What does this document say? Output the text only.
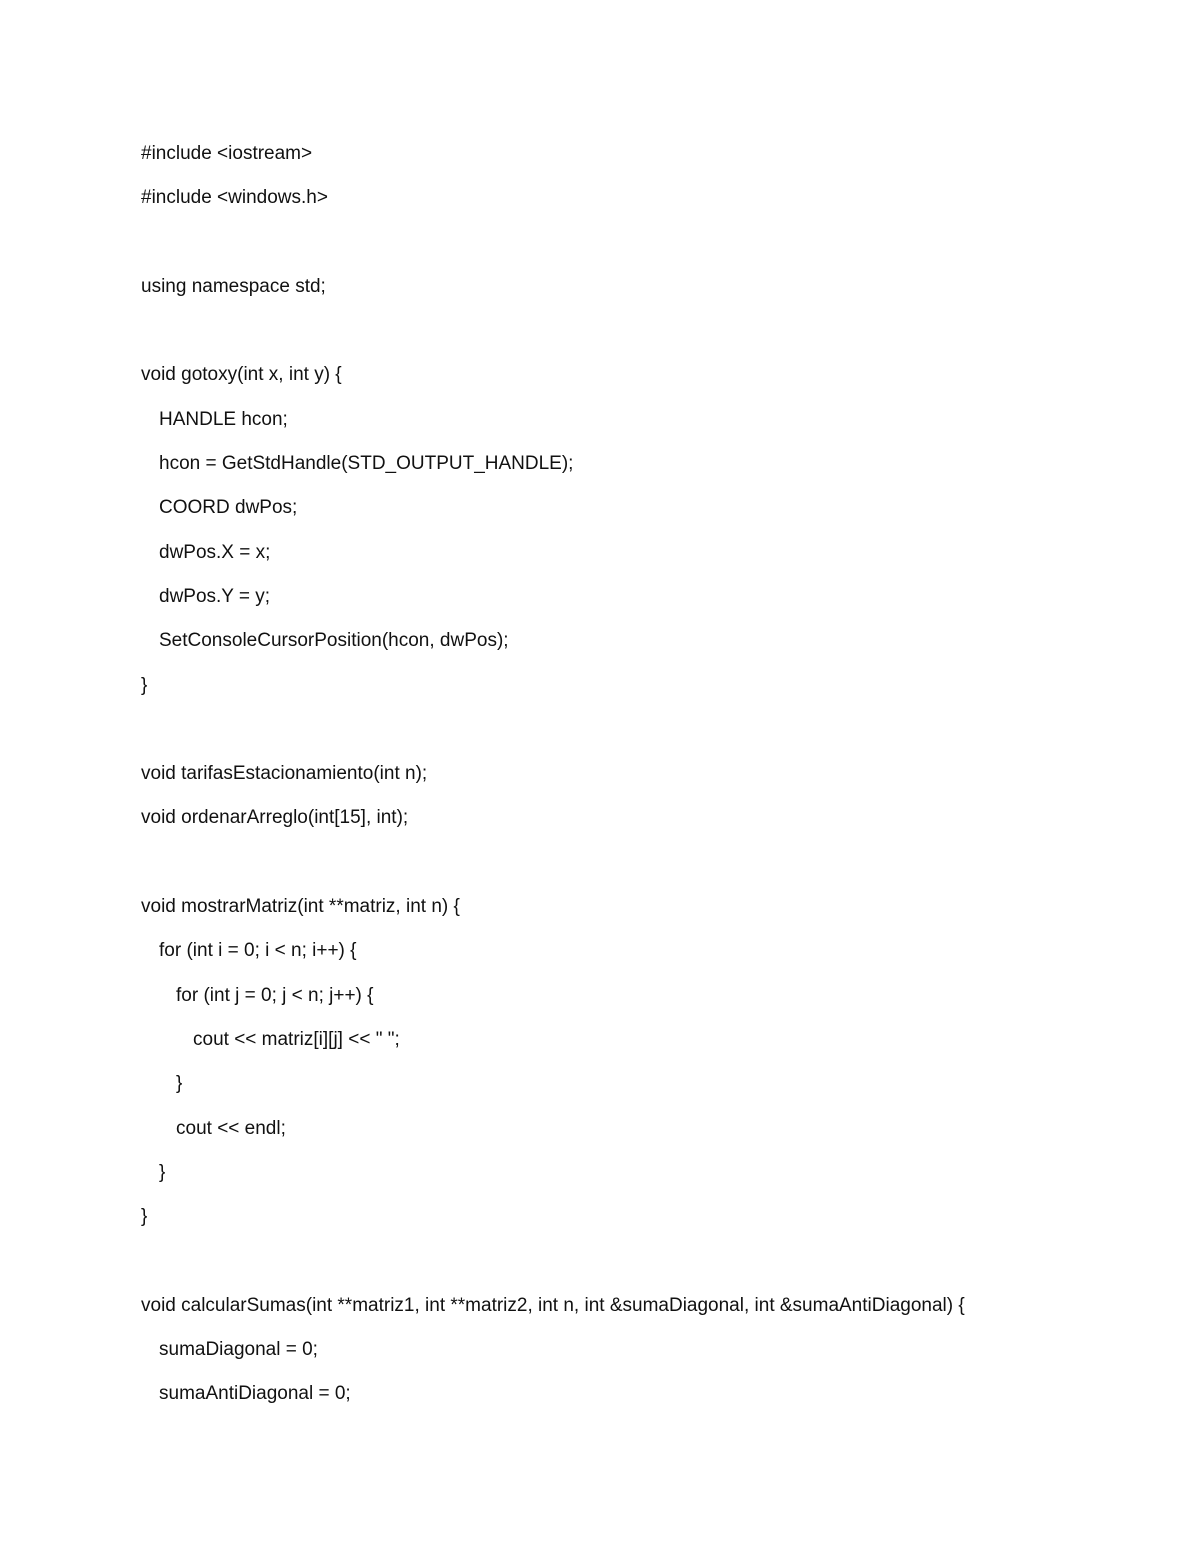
#include <iostream>
#include <windows.h>
using namespace std;
void gotoxy(int x, int y) {
HANDLE hcon;
hcon = GetStdHandle(STD_OUTPUT_HANDLE);
COORD dwPos;
dwPos.X = x;
dwPos.Y = y;
SetConsoleCursorPosition(hcon, dwPos);
}
void tarifasEstacionamiento(int n);
void ordenarArreglo(int[15], int);
void mostrarMatriz(int **matriz, int n) {
for (int i = 0; i < n; i++) {
for (int j = 0; j < n; j++) {
cout << matriz[i][j] << " ";
}
cout << endl;
}
}
void calcularSumas(int **matriz1, int **matriz2, int n, int &sumaDiagonal, int &sumaAntiDiagonal) {
sumaDiagonal = 0;
sumaAntiDiagonal = 0;
